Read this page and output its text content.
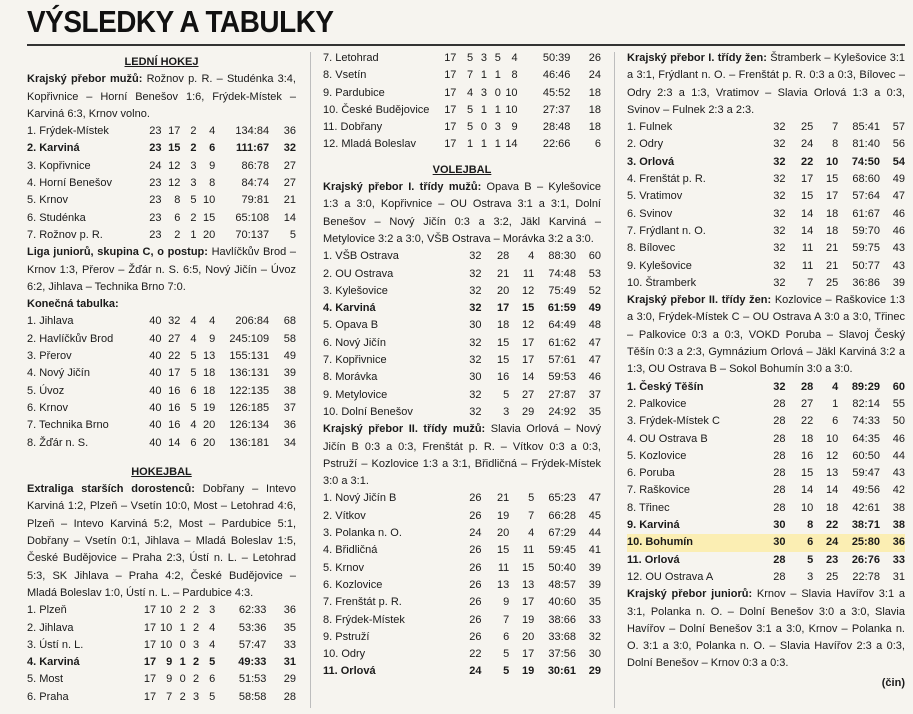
VÝSLEDKY A TABULKY
LEDNÍ HOKEJ

Krajský přebor mužů: Rožnov p. R. – Studénka 3:4, Kopřivnice – Horní Benešov 1:6, Frýdek-Místek – Karviná 6:3, Krnov volno.

1. Frýdek-Místek	23	17	2	4	134:84	36
2. Karviná	23	15	2	6	111:67	32
3. Kopřivnice	24	12	3	9	86:78	27
4. Horní Benešov	23	12	3	8	84:74	27
5. Krnov	23	8	5	10	79:81	21
6. Studénka	23	6	2	15	65:108	14
7. Rožnov p. R.	23	2	1	20	70:137	5

Liga juniorů, skupina C, o postup: Havlíčkův Brod – Krnov 1:3, Přerov – Žďár n. S. 6:5, Nový Jičín – Úvoz 6:2, Jihlava – Technika Brno 7:0.

Konečná tabulka:
1. Jihlava	40	32	4	4	206:84	68
2. Havlíčkův Brod	40	27	4	9	245:109	58
3. Přerov	40	22	5	13	155:131	49
4. Nový Jičín	40	17	5	18	136:131	39
5. Úvoz	40	16	6	18	122:135	38
6. Krnov	40	16	5	19	126:185	37
7. Technika Brno	40	16	4	20	126:134	36
8. Žďár n. S.	40	14	6	20	136:181	34
HOKEJBAL

Extraliga starších dorostenců: Dobřany – Intevo Karviná 1:2, Plzeň – Vsetín 10:0, Most – Letohrad 4:6, Plzeň – Intevo Karviná 5:2, Most – Pardubice 5:1, Dobřany – Vsetín 0:1, Jihlava – Mladá Boleslav 1:5, České Budějovice – Praha 2:3, Ústí n. L. – Letohrad 5:3, SK Jihlava – Praha 4:2, České Budějovice – Mladá Boleslav 1:0, Ústí n. L. – Pardubice 4:3.

1. Plzeň	17	10	2	2	3	62:33	36
2. Jihlava	17	10	1	2	4	53:36	35
3. Ústí n. L.	17	10	0	3	4	57:47	33
4. Karviná	17	9	1	2	5	49:33	31
5. Most	17	9	0	2	6	51:53	29
6. Praha	17	7	2	3	5	58:58	28
7. Letohrad	17	5	3	5	4	50:39	26
8. Vsetín	17	7	1	1	8	46:46	24
9. Pardubice	17	4	3	0	10	45:52	18
10. České Budějovice	17	5	1	1	10	27:37	18
11. Dobřany	17	5	0	3	9	28:48	18
12. Mladá Boleslav	17	1	1	1	14	22:66	6
VOLEJBAL

Krajský přebor I. třídy mužů: Opava B – Kylešovice 1:3 a 3:0, Kopřivnice – OU Ostrava 3:1 a 3:1, Dolní Benešov – Nový Jičín 0:3 a 3:2, Jäkl Karviná – Metylovice 3:2 a 3:0, VŠB Ostrava – Morávka 3:2 a 3:0.

1. VŠB Ostrava	32	28	4	88:30	60
2. OU Ostrava	32	21	11	74:48	53
3. Kylešovice	32	20	12	75:49	52
4. Karviná	32	17	15	61:59	49
5. Opava B	30	18	12	64:49	48
6. Nový Jičín	32	15	17	61:62	47
7. Kopřivnice	32	15	17	57:61	47
8. Morávka	30	16	14	59:53	46
9. Metylovice	32	5	27	27:87	37
10. Dolní Benešov	32	3	29	24:92	35

Krajský přebor II. třídy mužů: Slavia Orlová – Nový Jičín B 0:3 a 0:3, Frenštát p. R. – Vítkov 0:3 a 0:3, Pstruží – Kozlovice 1:3 a 3:1, Břidličná – Frýdek-Místek 3:0 a 3:1.

1. Nový Jičín B	26	21	5	65:23	47
2. Vítkov	26	19	7	66:28	45
3. Polanka n. O.	24	20	4	67:29	44
4. Břidličná	26	15	11	59:45	41
5. Krnov	26	11	15	50:40	39
6. Kozlovice	26	13	13	48:57	39
7. Frenštát p. R.	26	9	17	40:60	35
8. Frýdek-Místek	26	7	19	38:66	33
9. Pstruží	26	6	20	33:68	32
10. Odry	22	5	17	37:56	30
11. Orlová	24	5	19	30:61	29

Krajský přebor I. třídy žen: Štramberk – Kylešovice 3:1 a 3:1, Frýdlant n. O. – Frenštát p. R. 0:3 a 0:3, Bílovec – Odry 2:3 a 1:3, Vratimov – Slavia Orlová 1:3 a 0:3, Svinov – Fulnek 2:3 a 2:3.

1. Fulnek	32	25	7	85:41	57
2. Odry	32	24	8	81:40	56
3. Orlová	32	22	10	74:50	54
4. Frenštát p. R.	32	17	15	68:60	49
5. Vratimov	32	15	17	57:64	47
6. Svinov	32	14	18	61:67	46
7. Frýdlant n. O.	32	14	18	59:70	46
8. Bílovec	32	11	21	59:75	43
9. Kylešovice	32	11	21	50:77	43
10. Štramberk	32	7	25	36:86	39

Krajský přebor II. třídy žen: Kozlovice – Raškovice 1:3 a 3:0, Frýdek-Místek C – OU Ostrava A 3:0 a 3:0, Třinec – Palkovice 0:3 a 0:3, VOKD Poruba – Slavoj Český Těšín 0:3 a 2:3, Gymnázium Orlová – Jäkl Karviná 3:2 a 1:3, OU Ostrava B – Sokol Bohumín 3:0 a 3:0.

1. Český Těšín	32	28	4	89:29	60
2. Palkovice	28	27	1	82:14	55
3. Frýdek-Místek C	28	22	6	74:33	50
4. OU Ostrava B	28	18	10	64:35	46
5. Kozlovice	28	16	12	60:50	44
6. Poruba	28	15	13	59:47	43
7. Raškovice	28	14	14	49:56	42
8. Třinec	28	10	18	42:61	38
9. Karviná	30	8	22	38:71	38
10. Bohumín	30	6	24	25:80	36
11. Orlová	28	5	23	26:76	33
12. OU Ostrava A	28	3	25	22:78	31

Krajský přebor juniorů: Krnov – Slavia Havířov 3:1 a 3:1, Polanka n. O. – Dolní Benešov 3:0 a 3:0, Slavia Havířov – Dolní Benešov 3:1 a 3:0, Krnov – Polanka n. O. 3:1 a 3:0, Polanka n. O. – Slavia Havířov 2:3 a 0:3, Dolní Benešov – Krnov 0:3 a 0:3.

(čin)
